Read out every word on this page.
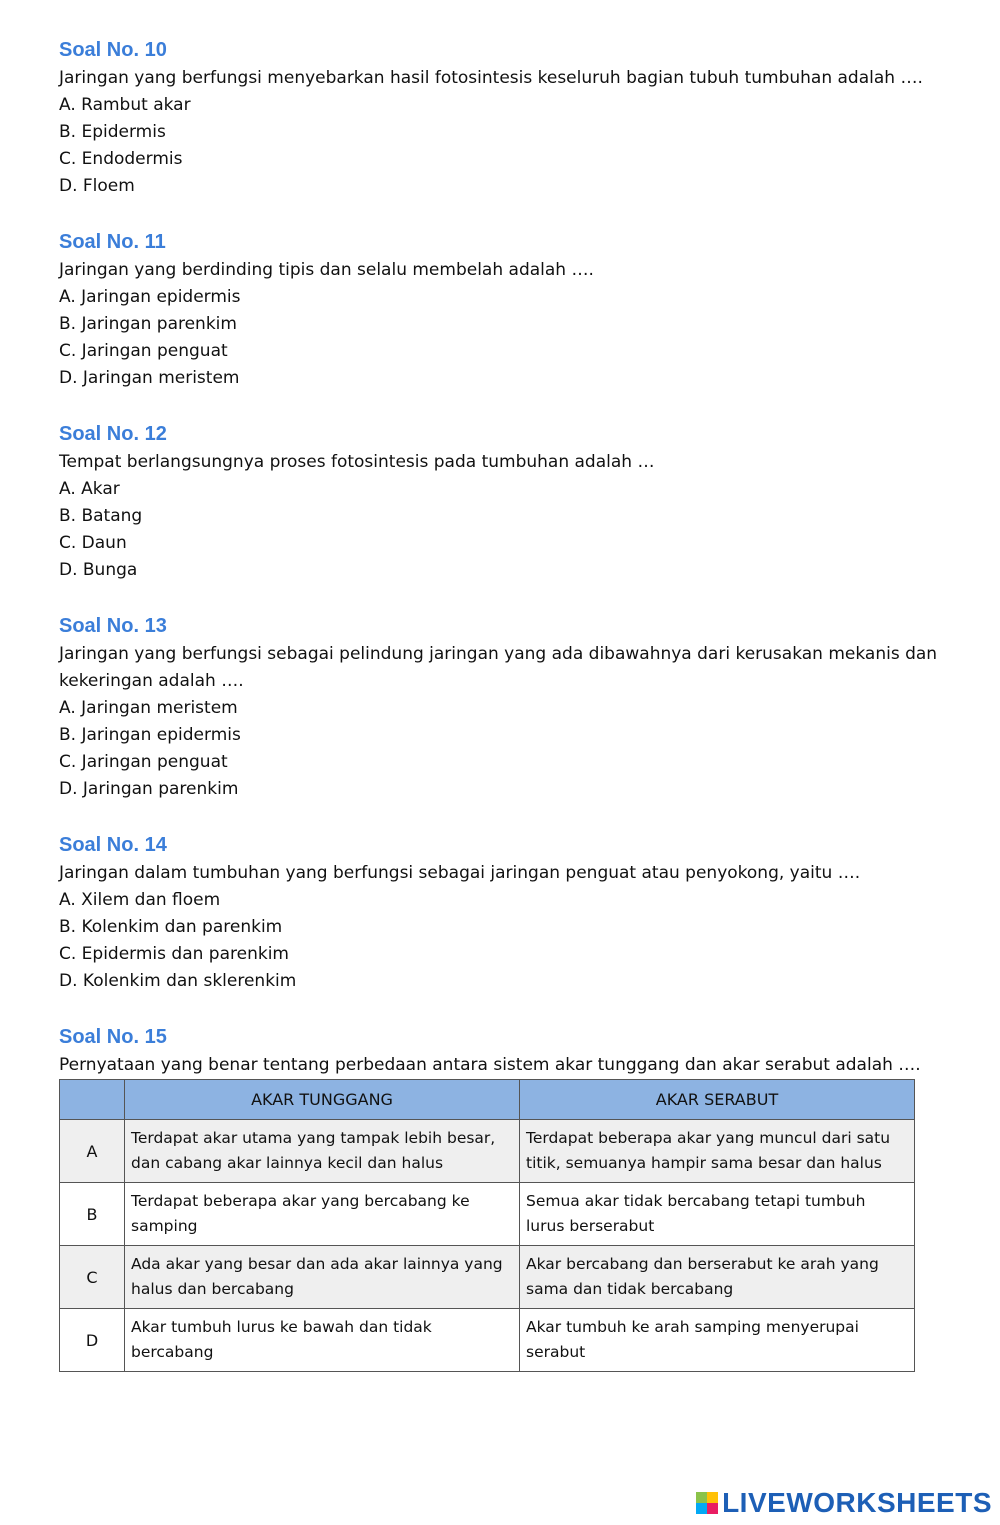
Soal No. 10

Jaringan yang berfungsi menyebarkan hasil fotosintesis keseluruh bagian tubuh tumbuhan adalah ….

A. Rambut akar

B. Epidermis

C. Endodermis

D. Floem

Soal No. 11

Jaringan yang berdinding tipis dan selalu membelah adalah ….

A. Jaringan epidermis

B. Jaringan parenkim

C. Jaringan penguat

D. Jaringan meristem

Soal No. 12

Tempat berlangsungnya proses fotosintesis pada tumbuhan adalah …

A. Akar

B. Batang

C. Daun

D. Bunga

Soal No. 13

Jaringan yang berfungsi sebagai pelindung jaringan yang ada dibawahnya dari kerusakan mekanis dan kekeringan adalah ….

A. Jaringan meristem

B. Jaringan epidermis

C. Jaringan penguat

D. Jaringan parenkim

Soal No. 14

Jaringan dalam tumbuhan yang berfungsi sebagai jaringan penguat atau penyokong, yaitu ….

A. Xilem dan floem

B. Kolenkim dan parenkim

C. Epidermis dan parenkim

D. Kolenkim dan sklerenkim

Soal No. 15

Pernyataan yang benar tentang perbedaan antara sistem akar tunggang dan akar serabut adalah ….

	AKAR TUNGGANG	AKAR SERABUT
A	Terdapat akar utama yang tampak lebih besar, dan cabang akar lainnya kecil dan halus	Terdapat beberapa akar yang muncul dari satu titik, semuanya hampir sama besar dan halus
B	Terdapat beberapa akar yang bercabang ke samping	Semua akar tidak bercabang tetapi tumbuh lurus berserabut
C	Ada akar yang besar dan ada akar lainnya yang halus dan bercabang	Akar bercabang dan berserabut ke arah yang sama dan tidak bercabang
D	Akar tumbuh lurus ke bawah dan tidak bercabang	Akar tumbuh ke arah samping menyerupai serabut
LIVEWORKSHEETS
